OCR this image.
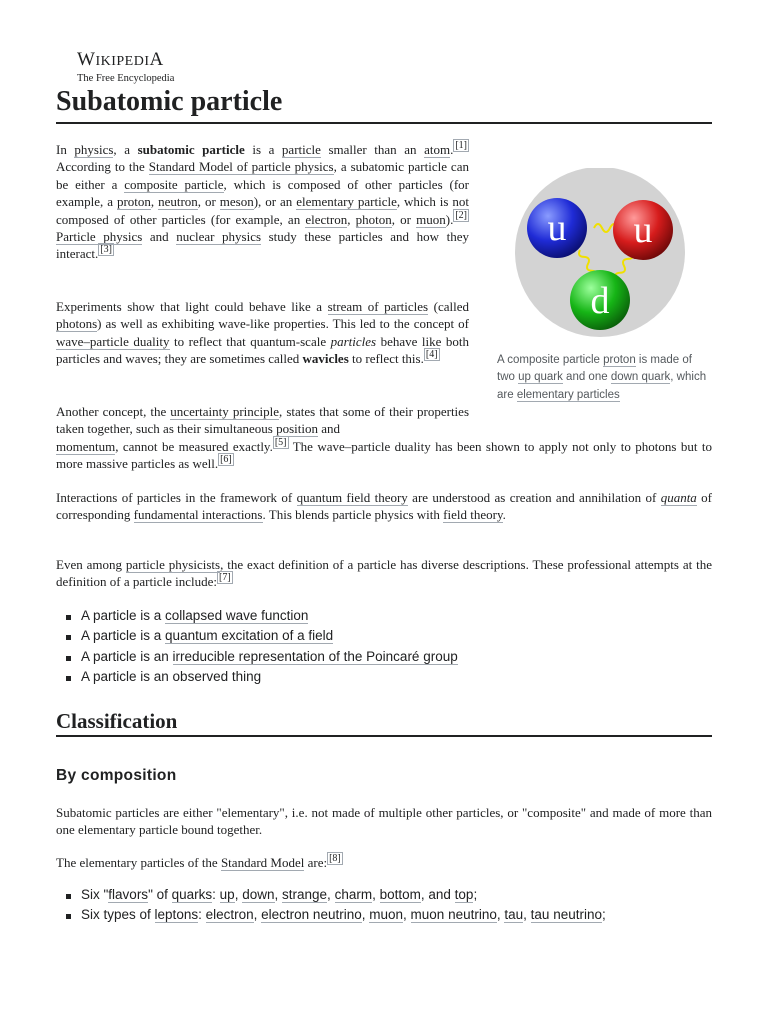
WIKIPEDIA
The Free Encyclopedia
Subatomic particle

In physics, a subatomic particle is a particle smaller than an atom. [1] According to the Standard Model of particle physics, a subatomic particle can be either a composite particle, which is composed of other particles (for example, a proton, neutron, or meson), or an elementary particle, which is not composed of other particles (for example, an electron, photon, or muon). [2] Particle physics and nuclear physics study these particles and how they interact. [3]

u u
d
A composite particle proton is made of two up quark and one down quark, which are elementary particles

Experiments show that light could behave like a stream of particles (called photons) as well as exhibiting wave-like properties. This led to the concept of wave–particle duality to reflect that quantum-scale particles behave like both particles and waves; they are sometimes called wavicles to reflect this. [4]

Another concept, the uncertainty principle, states that some of their properties taken together, such as their simultaneous position and
momentum, cannot be measured exactly. [5] The wave–particle duality has been shown to apply not only to photons but to more massive particles as well. [6]

Interactions of particles in the framework of quantum field theory are understood as creation and annihilation of quanta of corresponding fundamental interactions. This blends particle physics with field theory.

Even among particle physicists, the exact definition of a particle has diverse descriptions. These professional attempts at the definition of a particle include: [7]

A particle is a collapsed wave function
A particle is a quantum excitation of a field
A particle is an irreducible representation of the Poincaré group
A particle is an observed thing
Classification
By composition

Subatomic particles are either "elementary", i.e. not made of multiple other particles, or "composite" and made of more than one elementary particle bound together.

The elementary particles of the Standard Model are: [8]

Six "flavors" of quarks: up, down, strange, charm, bottom, and top;
Six types of leptons: electron, electron neutrino, muon, muon neutrino, tau, tau neutrino;
